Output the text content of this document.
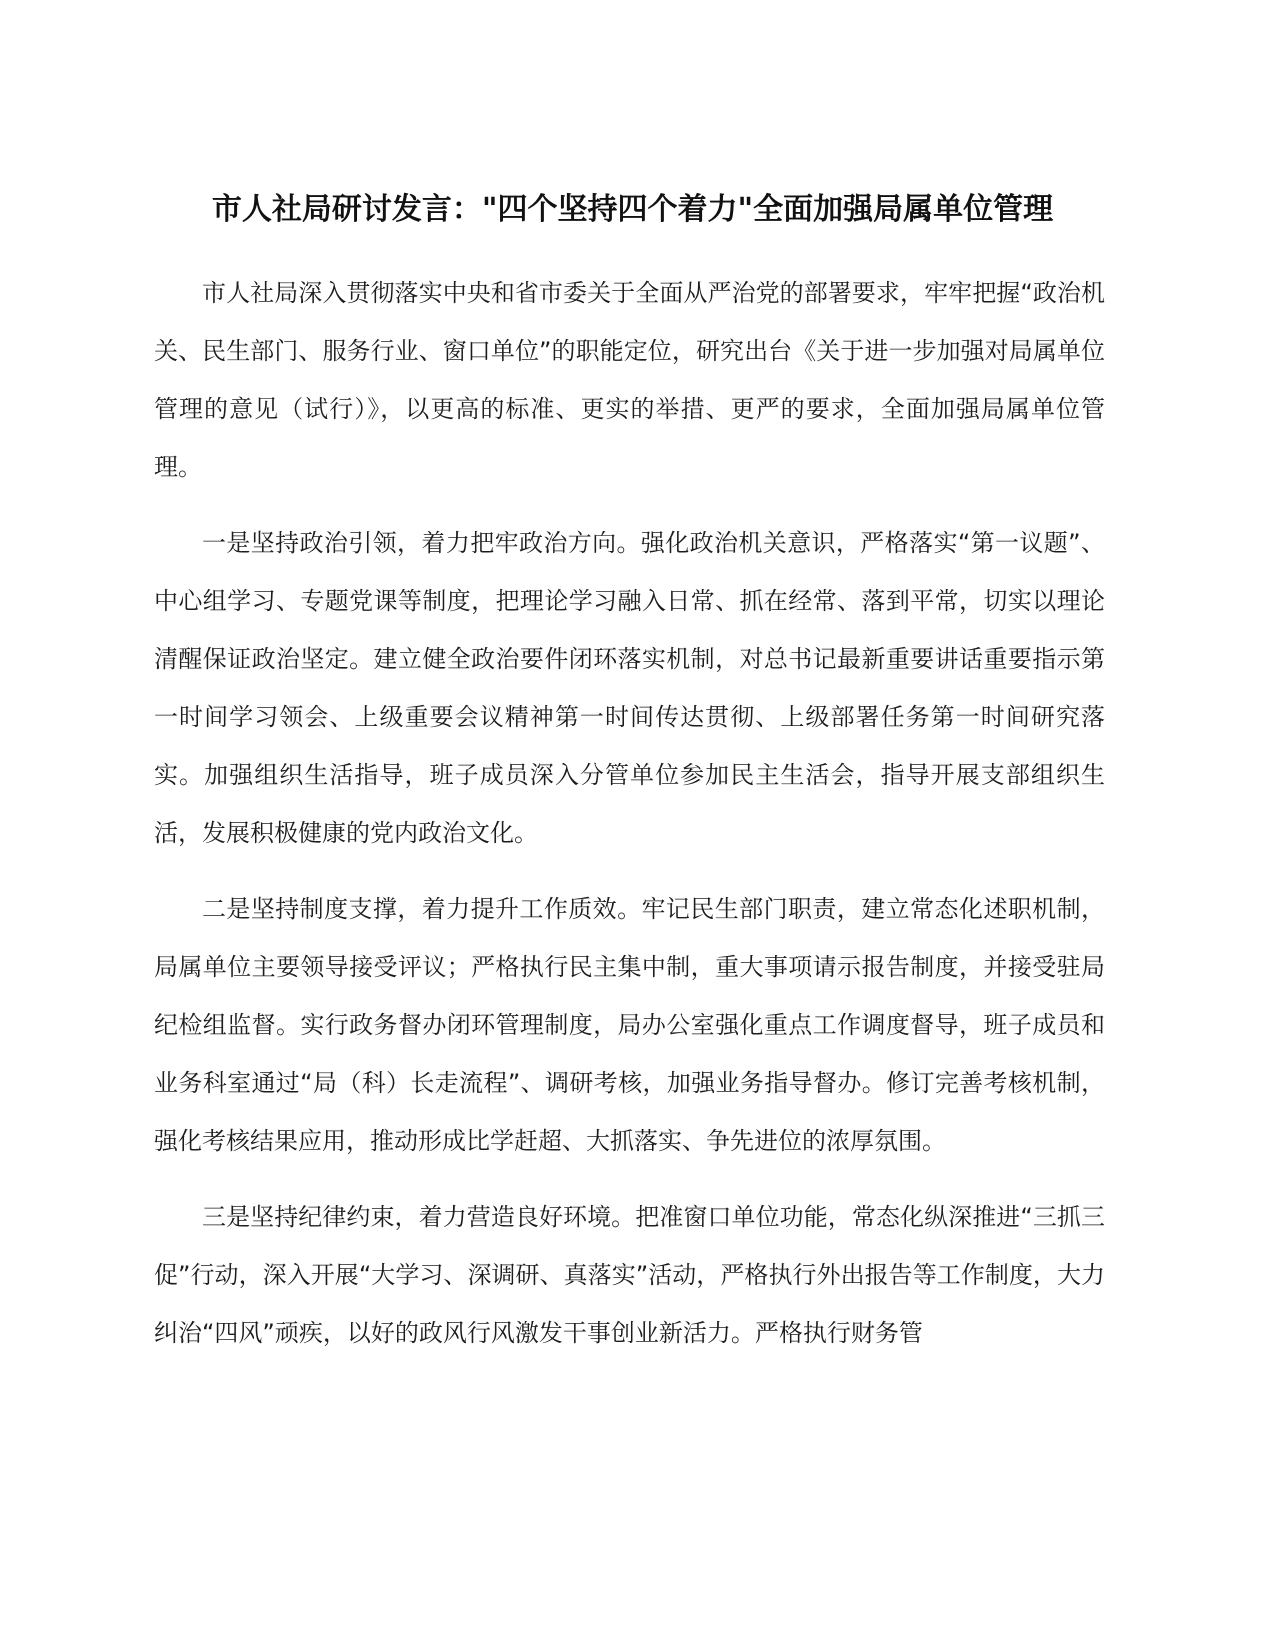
市人社局研讨发言："四个坚持四个着力"全面加强局属单位管理

市人社局深入贯彻落实中央和省市委关于全面从严治党的部署要求，牢牢把握“政治机关、民生部门、服务行业、窗口单位”的职能定位，研究出台《关于进一步加强对局属单位管理的意见（试行）》，以更高的标准、更实的举措、更严的要求，全面加强局属单位管理。

一是坚持政治引领，着力把牢政治方向。强化政治机关意识，严格落实“第一议题”、中心组学习、专题党课等制度，把理论学习融入日常、抓在经常、落到平常，切实以理论清醒保证政治坚定。建立健全政治要件闭环落实机制，对总书记最新重要讲话重要指示第一时间学习领会、上级重要会议精神第一时间传达贯彻、上级部署任务第一时间研究落实。加强组织生活指导，班子成员深入分管单位参加民主生活会，指导开展支部组织生活，发展积极健康的党内政治文化。

二是坚持制度支撑，着力提升工作质效。牢记民生部门职责，建立常态化述职机制，局属单位主要领导接受评议；严格执行民主集中制，重大事项请示报告制度，并接受驻局纪检组监督。实行政务督办闭环管理制度，局办公室强化重点工作调度督导，班子成员和业务科室通过“局（科）长走流程”、调研考核，加强业务指导督办。修订完善考核机制，强化考核结果应用，推动形成比学赶超、大抓落实、争先进位的浓厚氛围。

三是坚持纪律约束，着力营造良好环境。把准窗口单位功能，常态化纵深推进“三抓三促”行动，深入开展“大学习、深调研、真落实”活动，严格执行外出报告等工作制度，大力纠治“四风”顽疾，以好的政风行风激发干事创业新活力。严格执行财务管
